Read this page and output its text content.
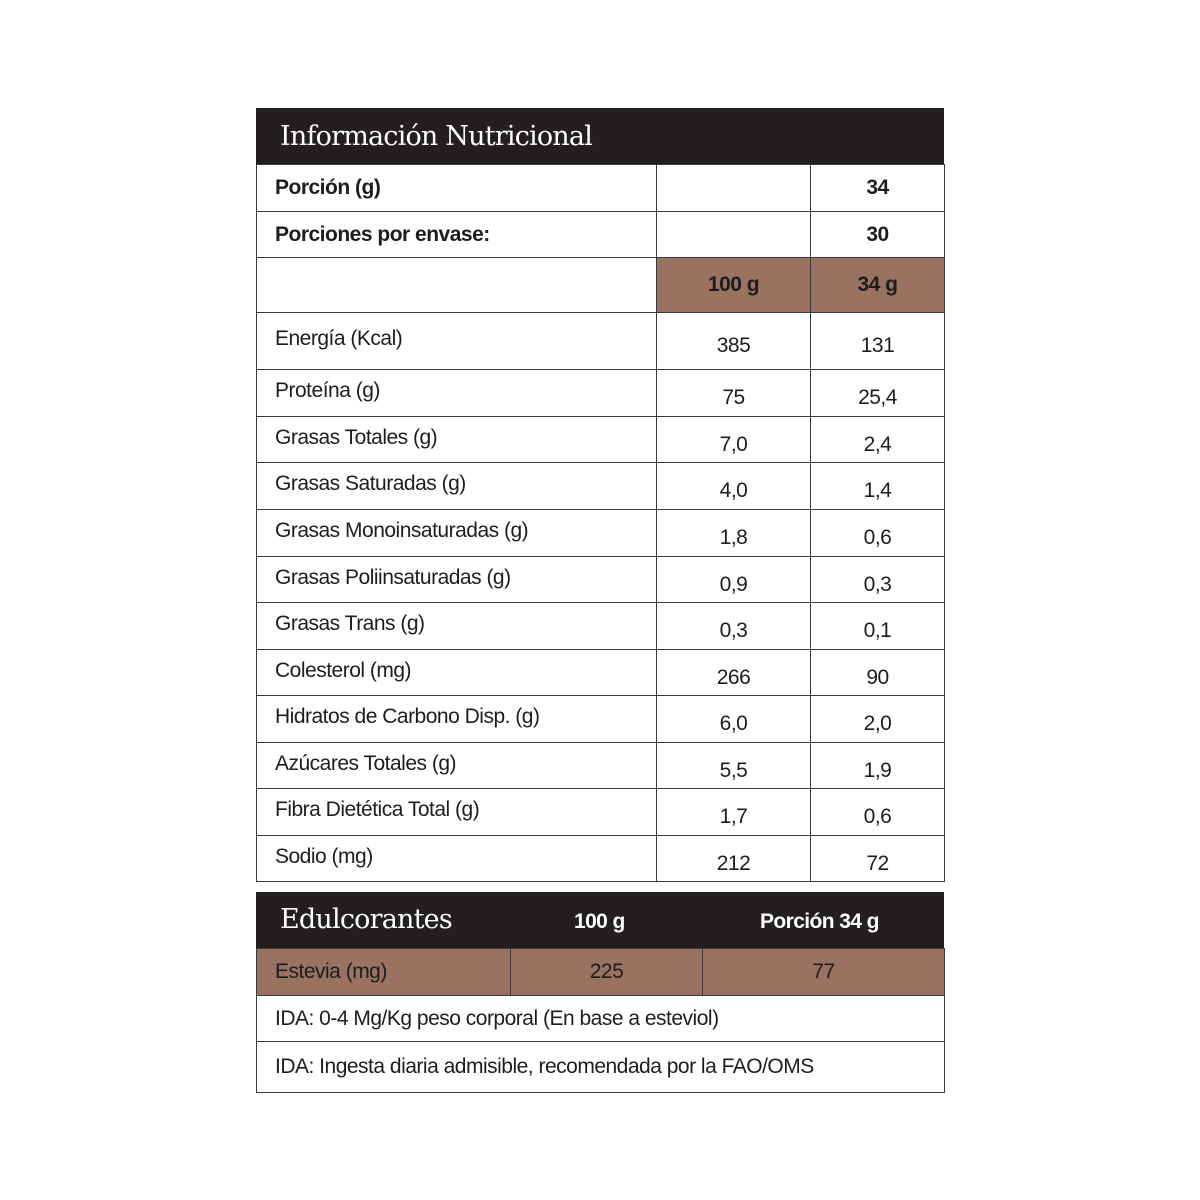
Información Nutricional
Porción (g)		34
Porciones por envase:		30
	100 g	34 g
Energía (Kcal)	385	131
Proteína (g)	75	25,4
Grasas Totales (g)	7,0	2,4
Grasas Saturadas (g)	4,0	1,4
Grasas Monoinsaturadas (g)	1,8	0,6
Grasas Poliinsaturadas (g)	0,9	0,3
Grasas Trans (g)	0,3	0,1
Colesterol (mg)	266	90
Hidratos de Carbono Disp. (g)	6,0	2,0
Azúcares Totales (g)	5,5	1,9
Fibra Dietética Total (g)	1,7	0,6
Sodio (mg)	212	72
Edulcorantes	100 g	Porción 34 g
Estevia (mg)	225	77
IDA: 0-4 Mg/Kg peso corporal (En base a esteviol)
IDA: Ingesta diaria admisible, recomendada por la FAO/OMS
